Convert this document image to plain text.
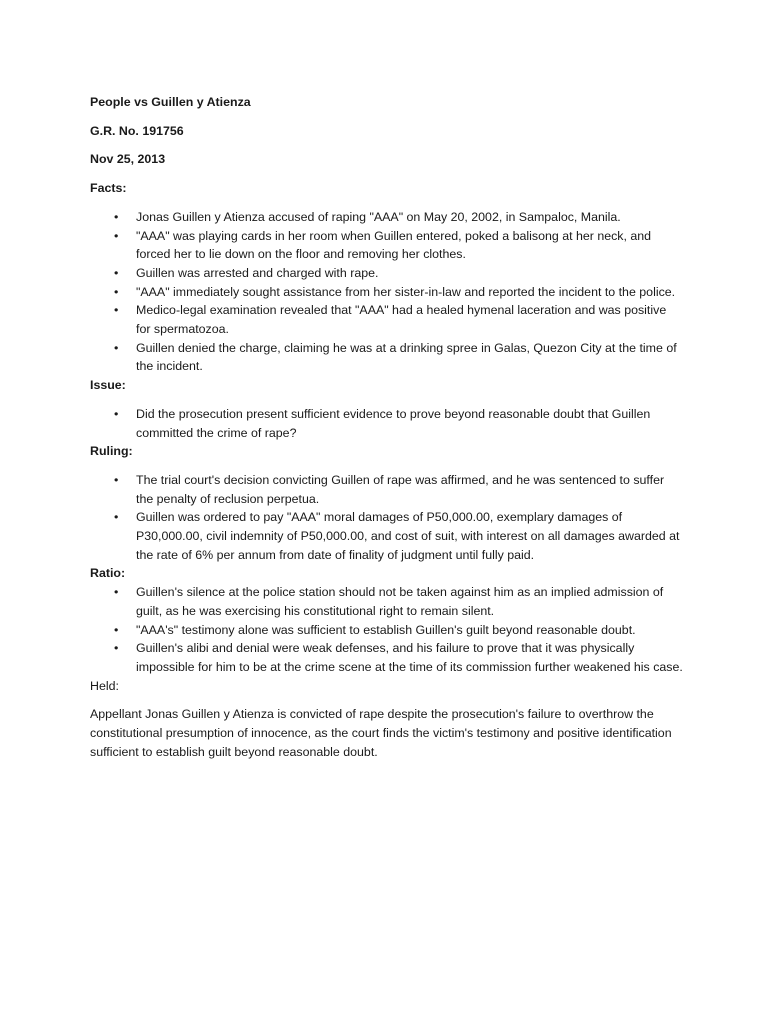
People vs Guillen y Atienza

G.R. No. 191756

Nov 25, 2013

Facts:

• Jonas Guillen y Atienza accused of raping "AAA" on May 20, 2002, in Sampaloc, Manila.
• "AAA" was playing cards in her room when Guillen entered, poked a balisong at her neck, and forced her to lie down on the floor and removing her clothes.
• Guillen was arrested and charged with rape.
• "AAA" immediately sought assistance from her sister-in-law and reported the incident to the police.
• Medico-legal examination revealed that "AAA" had a healed hymenal laceration and was positive for spermatozoa.
• Guillen denied the charge, claiming he was at a drinking spree in Galas, Quezon City at the time of the incident.

Issue:

• Did the prosecution present sufficient evidence to prove beyond reasonable doubt that Guillen committed the crime of rape?

Ruling:

• The trial court's decision convicting Guillen of rape was affirmed, and he was sentenced to suffer the penalty of reclusion perpetua.
• Guillen was ordered to pay "AAA" moral damages of P50,000.00, exemplary damages of P30,000.00, civil indemnity of P50,000.00, and cost of suit, with interest on all damages awarded at the rate of 6% per annum from date of finality of judgment until fully paid.

Ratio:

• Guillen's silence at the police station should not be taken against him as an implied admission of guilt, as he was exercising his constitutional right to remain silent.
• "AAA's" testimony alone was sufficient to establish Guillen's guilt beyond reasonable doubt.
• Guillen's alibi and denial were weak defenses, and his failure to prove that it was physically impossible for him to be at the crime scene at the time of its commission further weakened his case.

Held:

Appellant Jonas Guillen y Atienza is convicted of rape despite the prosecution's failure to overthrow the constitutional presumption of innocence, as the court finds the victim's testimony and positive identification sufficient to establish guilt beyond reasonable doubt.
